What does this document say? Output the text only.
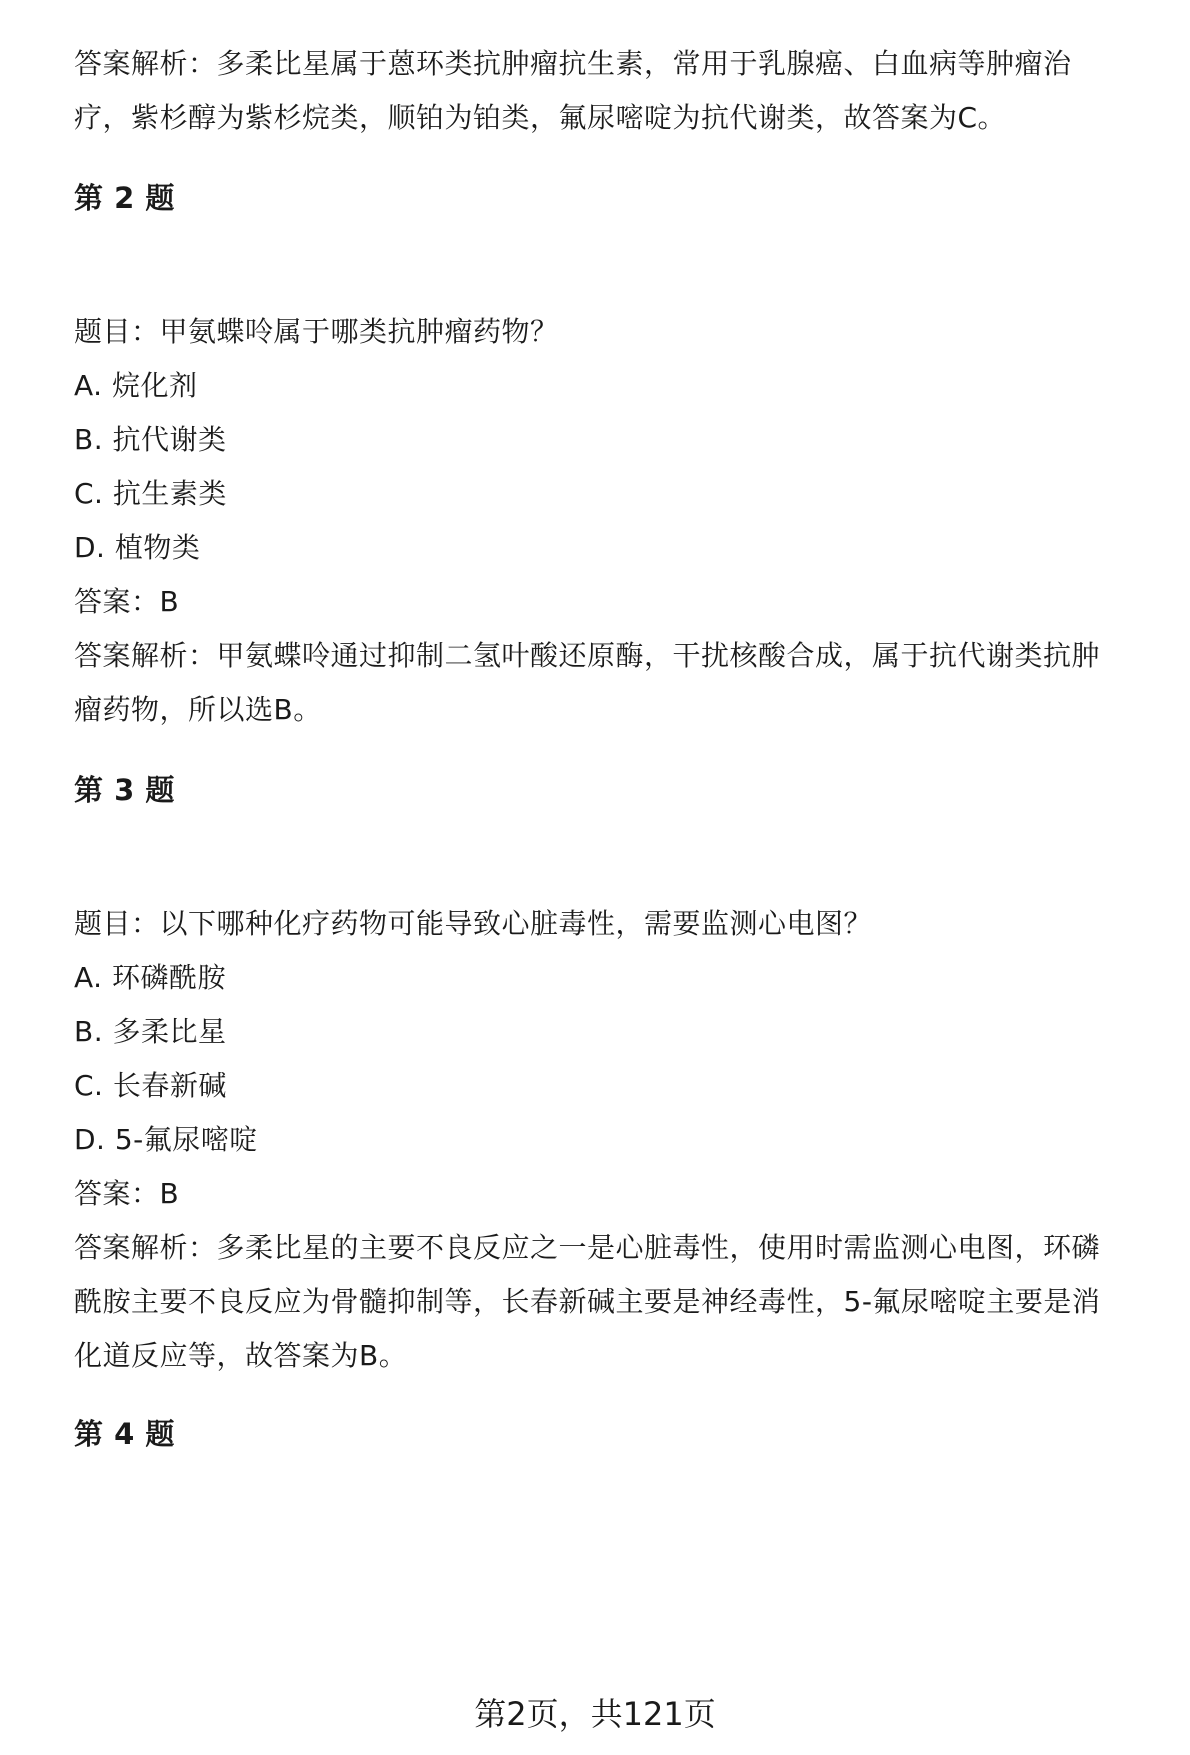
答案解析：多柔比星属于蒽环类抗肿瘤抗生素，常用于乳腺癌、白血病等肿瘤治
疗，紫杉醇为紫杉烷类，顺铂为铂类，氟尿嘧啶为抗代谢类，故答案为C。
第 2 题
题目：甲氨蝶呤属于哪类抗肿瘤药物？
A. 烷化剂
B. 抗代谢类
C. 抗生素类
D. 植物类
答案：B
答案解析：甲氨蝶呤通过抑制二氢叶酸还原酶，干扰核酸合成，属于抗代谢类抗肿
瘤药物，所以选B。
第 3 题
题目：以下哪种化疗药物可能导致心脏毒性，需要监测心电图？
A. 环磷酰胺
B. 多柔比星
C. 长春新碱
D. 5-氟尿嘧啶
答案：B
答案解析：多柔比星的主要不良反应之一是心脏毒性，使用时需监测心电图，环磷
酰胺主要不良反应为骨髓抑制等，长春新碱主要是神经毒性，5-氟尿嘧啶主要是消
化道反应等，故答案为B。
第 4 题
第2页，共121页
